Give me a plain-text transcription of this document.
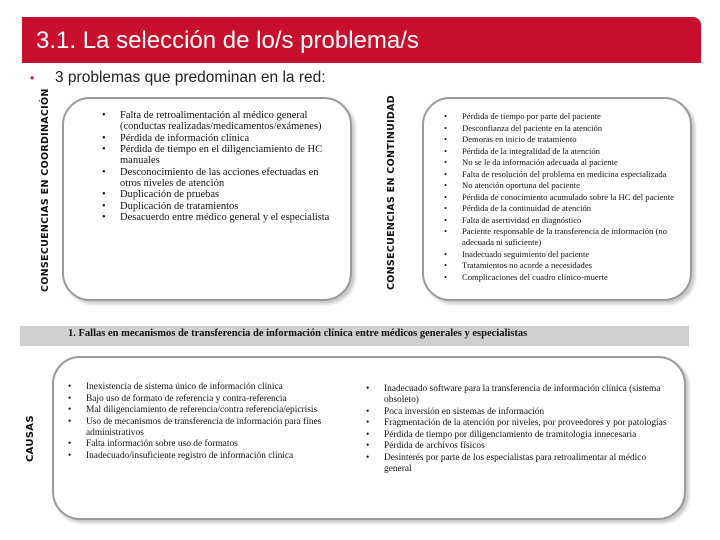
3.1. La selección de lo/s problema/s
• 3 problemas que predominan en la red:
CONSECUENCIAS EN COORDINACIÓN	• Falta de retroalimentación al médico general (conductas realizadas/medicamentos/exámenes)
• Pérdida de información clínica
• Pérdida de tiempo en el diligenciamiento de HC manuales
• Desconocimiento de las acciones efectuadas en otros niveles de atención
• Duplicación de pruebas
• Duplicación de tratamientos
• Desacuerdo entre médico general y el especialista	CONSECUENCIAS EN CONTINUIDAD	• Pérdida de tiempo por parte del paciente
• Desconfianza del paciente en la atención
• Demoras en inicio de tratamiento
• Pérdida de la integralidad de la atención
• No se le da información adecuada al paciente
• Falta de resolución del problema en medicina especializada
• No atención oportuna del paciente
• Pérdida de conocimiento acumulado sobre la HC del paciente
• Pérdida de la continuidad de atención
• Falta de asertividad en diagnóstico
• Paciente responsable de la transferencia de información (no adecuada ni suficiente)
• Inadecuado seguimiento del paciente
• Tratamientos no acorde a necesidades
• Complicaciones del cuadro clínico-muerte
1. Fallas en mecanismos de transferencia de información clínica entre médicos generales y especialistas
CAUSAS
• Inexistencia de sistema único de información clínica
• Bajo uso de formato de referencia y contra-referencia
• Mal diligenciamiento de referencia/contra referencia/epicrisis
• Uso de mecanismos de transferencia de información para fines administrativos
• Falta información sobre uso de formatos
• Inadecuado/insuficiente registro de información clínica
• Inadecuado software para la transferencia de información clínica (sistema obsoleto)
• Poca inversión en sistemas de información
• Fragmentación de la atención por niveles, por proveedores y por patologías
• Pérdida de tiempo por diligenciamiento de tramitología innecesaria
• Pérdida de archivos físicos
• Desinterés por parte de los especialistas para retroalimentar al médico general
